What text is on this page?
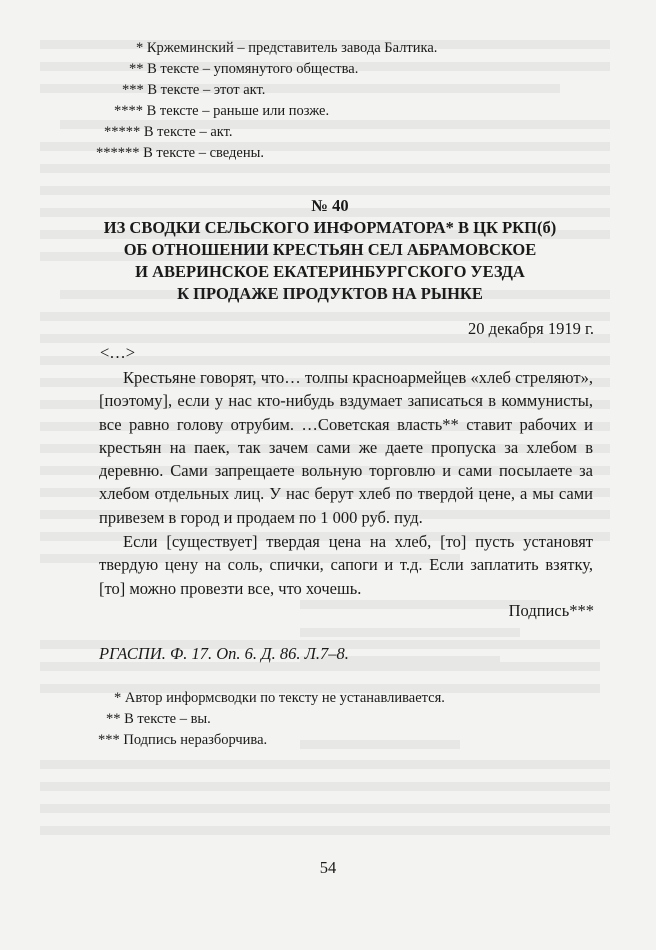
* Кржеминский – представитель завода Балтика.
** В тексте – упомянутого общества.
*** В тексте – этот акт.
**** В тексте – раньше или позже.
***** В тексте – акт.
****** В тексте – сведены.
№ 40
ИЗ СВОДКИ СЕЛЬСКОГО ИНФОРМАТОРА* В ЦК РКП(б)
ОБ ОТНОШЕНИИ КРЕСТЬЯН СЕЛ АБРАМОВСКОЕ
И АВЕРИНСКОЕ ЕКАТЕРИНБУРГСКОГО УЕЗДА
К ПРОДАЖЕ ПРОДУКТОВ НА РЫНКЕ
20 декабря 1919 г.
<…>

Крестьяне говорят, что… толпы красноармейцев «хлеб стреляют», [поэтому], если у нас кто-нибудь вздумает записаться в коммунисты, все равно голову отрубим. …Советская власть** ставит рабочих и крестьян на паек, так зачем сами же даете пропуска за хлебом в деревню. Сами запрещаете вольную торговлю и сами посылаете за хлебом отдельных лиц. У нас берут хлеб по твердой цене, а мы сами привезем в город и продаем по 1 000 руб. пуд.

Если [существует] твердая цена на хлеб, [то] пусть установят твердую цену на соль, спички, сапоги и т.д. Если заплатить взятку, [то] можно провезти все, что хочешь.

Подпись***
РГАСПИ. Ф. 17. Оп. 6. Д. 86. Л.7–8.
* Автор информсводки по тексту не устанавливается.
** В тексте – вы.
*** Подпись неразборчива.
54
